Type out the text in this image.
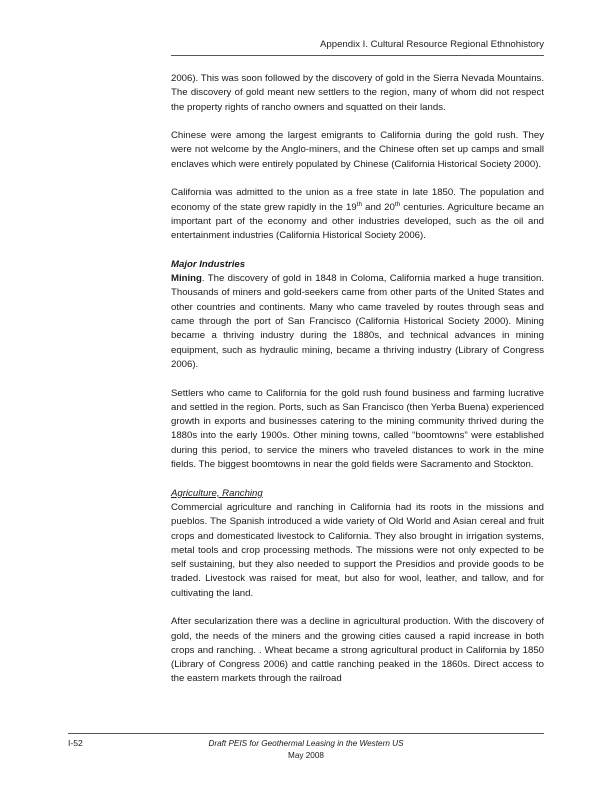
Appendix I. Cultural Resource Regional Ethnohistory

2006). This was soon followed by the discovery of gold in the Sierra Nevada Mountains. The discovery of gold meant new settlers to the region, many of whom did not respect the property rights of rancho owners and squatted on their lands.

Chinese were among the largest emigrants to California during the gold rush. They were not welcome by the Anglo-miners, and the Chinese often set up camps and small enclaves which were entirely populated by Chinese (California Historical Society 2000).

California was admitted to the union as a free state in late 1850. The population and economy of the state grew rapidly in the 19th and 20th centuries. Agriculture became an important part of the economy and other industries developed, such as the oil and entertainment industries (California Historical Society 2006).

Major Industries

Mining. The discovery of gold in 1848 in Coloma, California marked a huge transition. Thousands of miners and gold-seekers came from other parts of the United States and other countries and continents. Many who came traveled by routes through seas and came through the port of San Francisco (California Historical Society 2000). Mining became a thriving industry during the 1880s, and technical advances in mining equipment, such as hydraulic mining, became a thriving industry (Library of Congress 2006).

Settlers who came to California for the gold rush found business and farming lucrative and settled in the region. Ports, such as San Francisco (then Yerba Buena) experienced growth in exports and businesses catering to the mining community thrived during the 1880s into the early 1900s. Other mining towns, called “boomtowns” were established during this period, to service the miners who traveled distances to work in the mine fields. The biggest boomtowns in near the gold fields were Sacramento and Stockton.

Agriculture, Ranching

Commercial agriculture and ranching in California had its roots in the missions and pueblos. The Spanish introduced a wide variety of Old World and Asian cereal and fruit crops and domesticated livestock to California. They also brought in irrigation systems, metal tools and crop processing methods. The missions were not only expected to be self sustaining, but they also needed to support the Presidios and provide goods to be traded. Livestock was raised for meat, but also for wool, leather, and tallow, and for cultivating the land.

After secularization there was a decline in agricultural production. With the discovery of gold, the needs of the miners and the growing cities caused a rapid increase in both crops and ranching. . Wheat became a strong agricultural product in California by 1850 (Library of Congress 2006) and cattle ranching peaked in the 1860s. Direct access to the eastern markets through the railroad

I-52	Draft PEIS for Geothermal Leasing in the Western US
May 2008
